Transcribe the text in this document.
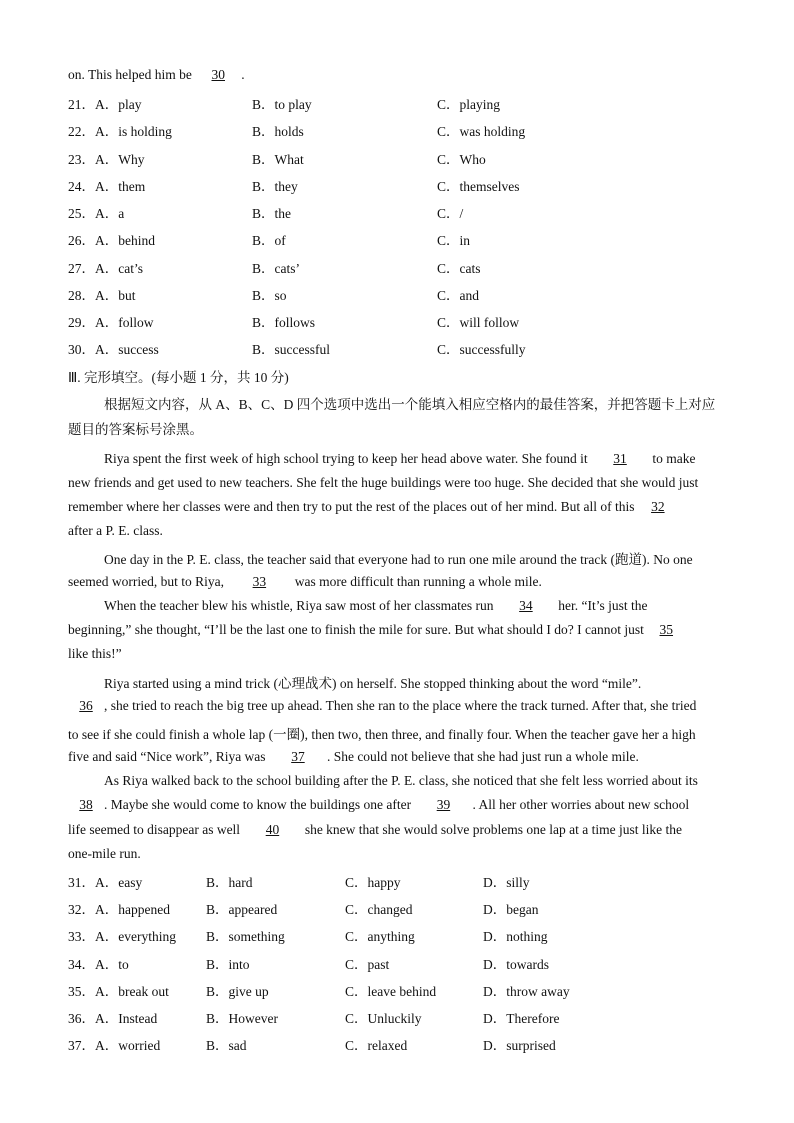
on. This helped him be 30 .
21． A．play	B．to play	C．playing
22． A．is holding	B．holds	C．was holding
23． A．Why	B．What	C．Who
24． A．them	B．they	C．themselves
25． A．a	B．the	C．/
26． A．behind	B．of	C．in
27． A．cat’s	B．cats’	C．cats
28． A．but	B．so	C．and
29． A．follow	B．follows	C．will follow
30． A．success	B．successful	C．successfully
Ⅲ. 完形填空。(每小题 1 分，共 10 分)
根据短文内容，从 A、B、C、D 四个选项中选出一个能填入相应空格内的最佳答案，并把答题卡上对应
题目的答案标号涂黑。
Riya spent the first week of high school trying to keep her head above water. She found it 31 to make
new friends and get used to new teachers. She felt the huge buildings were too huge. She decided that she would just
remember where her classes were and then try to put the rest of the places out of her mind. But all of this 32
after a P. E. class.
One day in the P. E. class, the teacher said that everyone had to run one mile around the track (跑道). No one
seemed worried, but to Riya, 33 was more difficult than running a whole mile.
When the teacher blew his whistle, Riya saw most of her classmates run 34 her. “It’s just the
beginning,” she thought, “I’ll be the last one to finish the mile for sure. But what should I do? I cannot just 35
like this!”
Riya started using a mind trick (心理战术) on herself. She stopped thinking about the word “mile”.
36 , she tried to reach the big tree up ahead. Then she ran to the place where the track turned. After that, she tried
to see if she could finish a whole lap (一圈), then two, then three, and finally four. When the teacher gave her a high
five and said “Nice work”, Riya was 37 . She could not believe that she had just run a whole mile.
As Riya walked back to the school building after the P. E. class, she noticed that she felt less worried about its
38 . Maybe she would come to know the buildings one after 39 . All her other worries about new school
life seemed to disappear as well 40 she knew that she would solve problems one lap at a time just like the
one-mile run.
31． A．easy	B．hard	C．happy	D．silly
32． A．happened	B．appeared	C．changed	D．began
33． A．everything B．something	C．anything	D．nothing
34． A．to	B．into	C．past	D．towards
35． A．break out	B．give up	C．leave behind	D．throw away
36． A．Instead	B．However	C．Unluckily	D．Therefore
37． A．worried	B．sad	C．relaxed	D．surprised
